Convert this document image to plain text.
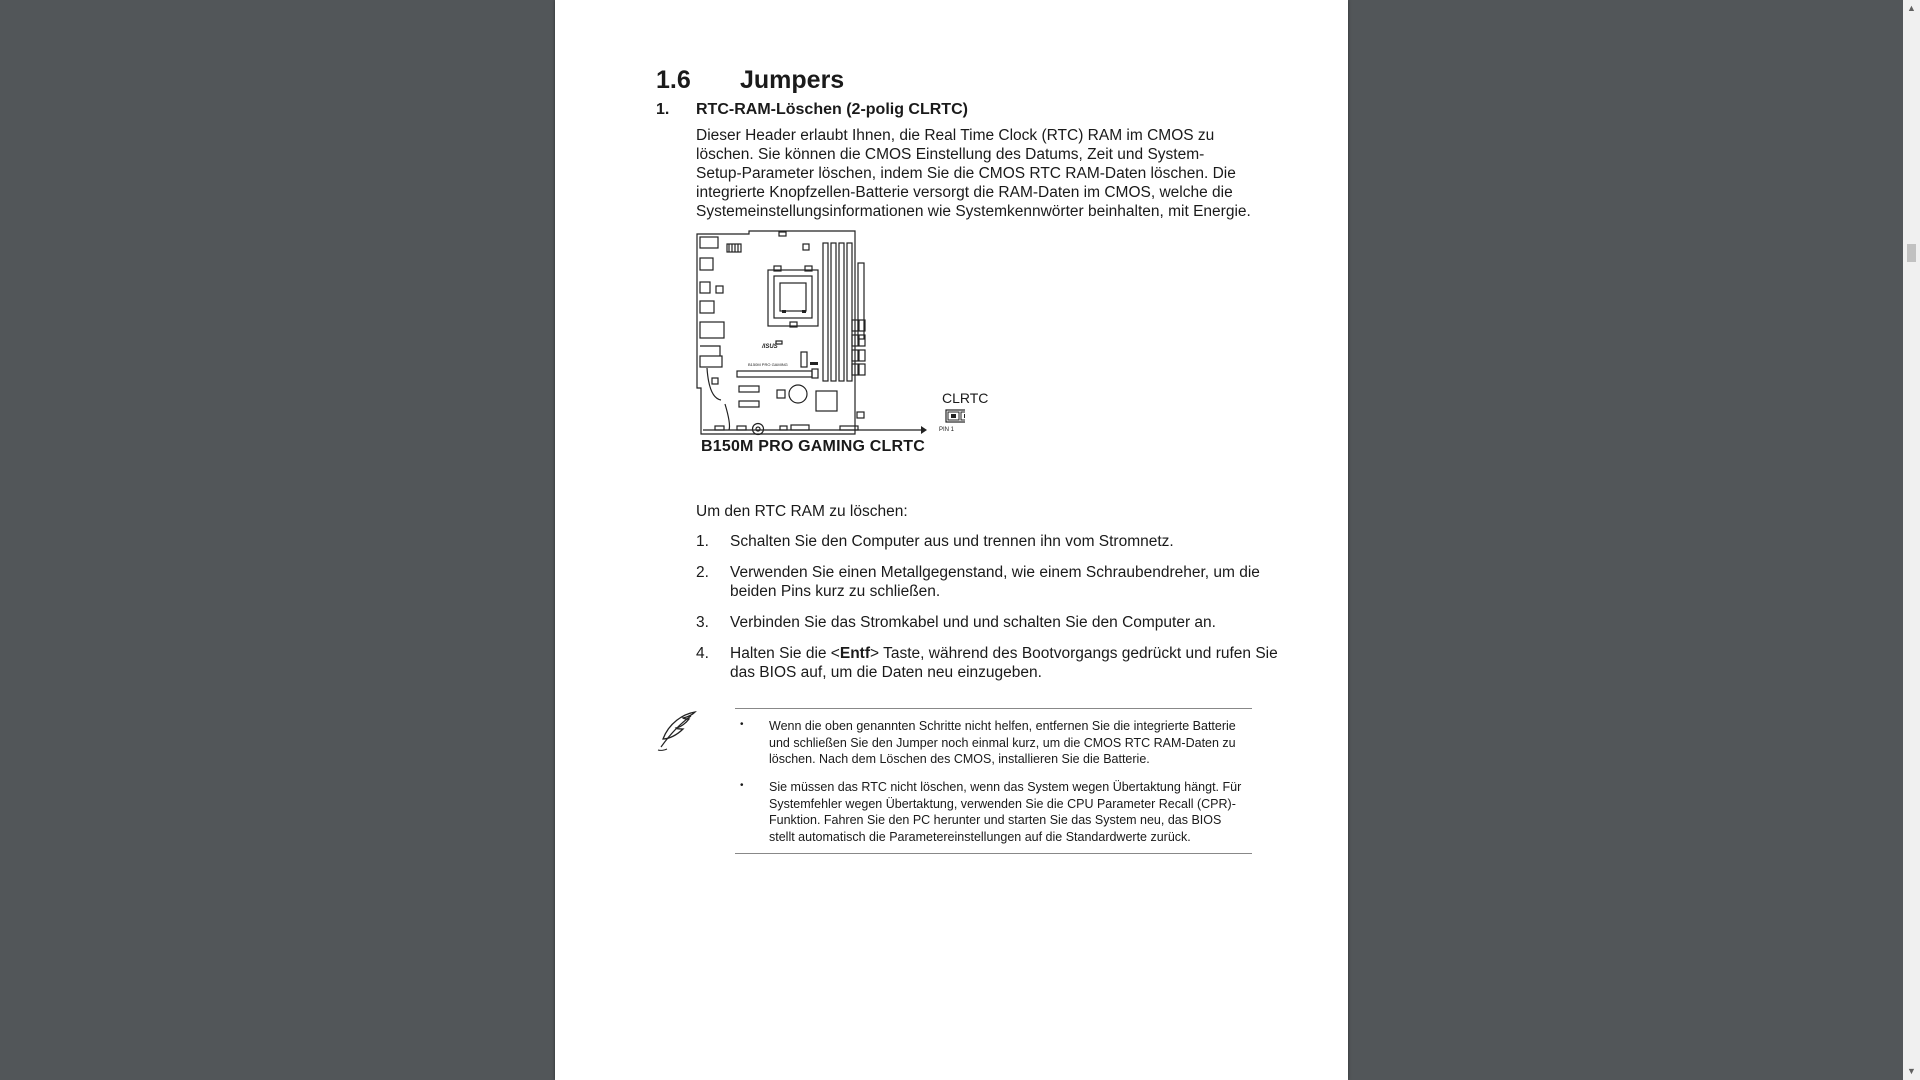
1.6 Jumpers
1. RTC-RAM-Löschen (2-polig CLRTC)
Dieser Header erlaubt Ihnen, die Real Time Clock (RTC) RAM im CMOS zu
löschen. Sie können die CMOS Einstellung des Datums, Zeit und System-
Setup-Parameter löschen, indem Sie die CMOS RTC RAM-Daten löschen. Die
integrierte Knopfzellen-Batterie versorgt die RAM-Daten im CMOS, welche die
Systemeinstellungsinformationen wie Systemkennwörter beinhalten, mit Energie.
/ISUS
B150M PRO GAMING
CLRTC
PIN 1
B150M PRO GAMING CLRTC
Um den RTC RAM zu löschen:
1. Schalten Sie den Computer aus und trennen ihn vom Stromnetz.
2. Verwenden Sie einen Metallgegenstand, wie einem Schraubendreher, um die
beiden Pins kurz zu schließen.
3. Verbinden Sie das Stromkabel und und schalten Sie den Computer an.
4. Halten Sie die <Entf> Taste, während des Bootvorgangs gedrückt und rufen Sie
das BIOS auf, um die Daten neu einzugeben.
• Wenn die oben genannten Schritte nicht helfen, entfernen Sie die integrierte Batterie
und schließen Sie den Jumper noch einmal kurz, um die CMOS RTC RAM-Daten zu
löschen. Nach dem Löschen des CMOS, installieren Sie die Batterie.
• Sie müssen das RTC nicht löschen, wenn das System wegen Übertaktung hängt. Für
Systemfehler wegen Übertaktung, verwenden Sie die CPU Parameter Recall (CPR)-
Funktion. Fahren Sie den PC herunter und starten Sie das System neu, das BIOS
stellt automatisch die Parametereinstellungen auf die Standardwerte zurück.
▲
▼
